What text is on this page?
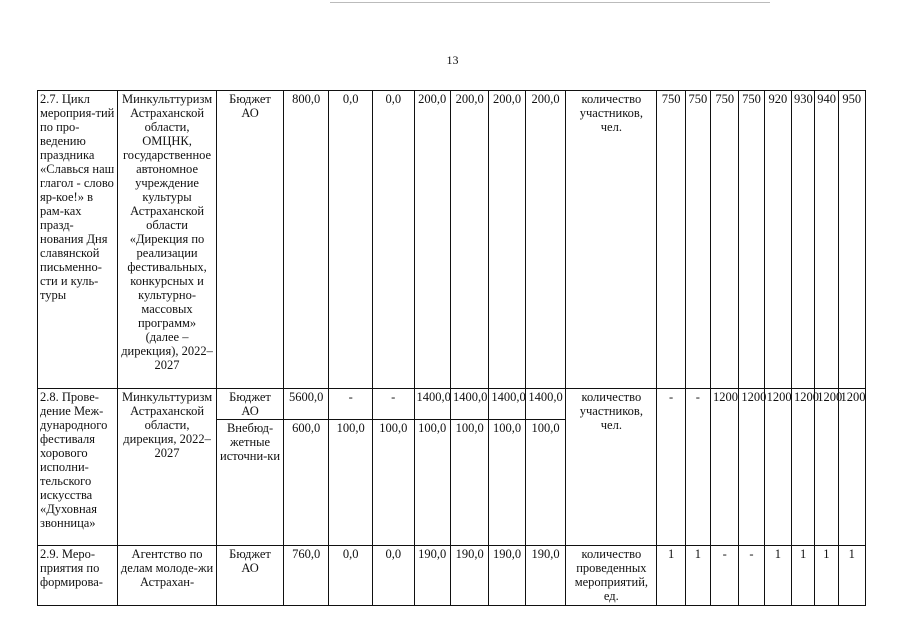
13
2.7. Цикл мероприя-тий по про-ведению праздника «Славься наш глагол - слово яр-кое!» в рам-ках празд-нования Дня славянской письменно-сти и куль-туры	Минкульттуризм Астраханской области, ОМЦНК, государственное автономное учреждение культуры Астраханской области «Дирекция по реализации фестивальных, конкурсных и культурно-массовых программ» (далее – дирекция), 2022–2027	Бюджет АО	800,0	0,0	0,0	200,0	200,0	200,0	200,0	количество участников, чел.	750	750	750	750	920	930	940	950
2.8. Прове-дение Меж-дународного фестиваля хорового исполни-тельского искусства «Духовная звонница»	Минкульттуризм Астраханской области, дирекция, 2022–2027	Бюджет АО	5600,0	-	-	1400,0	1400,0	1400,0	1400,0	количество участников, чел.	-	-	1200	1200	1200	1200	1200	1200
		Внебюд-жетные источни-ки	600,0	100,0	100,0	100,0	100,0	100,0	100,0									
2.9. Меро-приятия по формирова-	Агентство по делам молоде-жи Астрахан-	Бюджет АО	760,0	0,0	0,0	190,0	190,0	190,0	190,0	количество проведенных мероприятий, ед.	1	1	-	-	1	1	1	1
